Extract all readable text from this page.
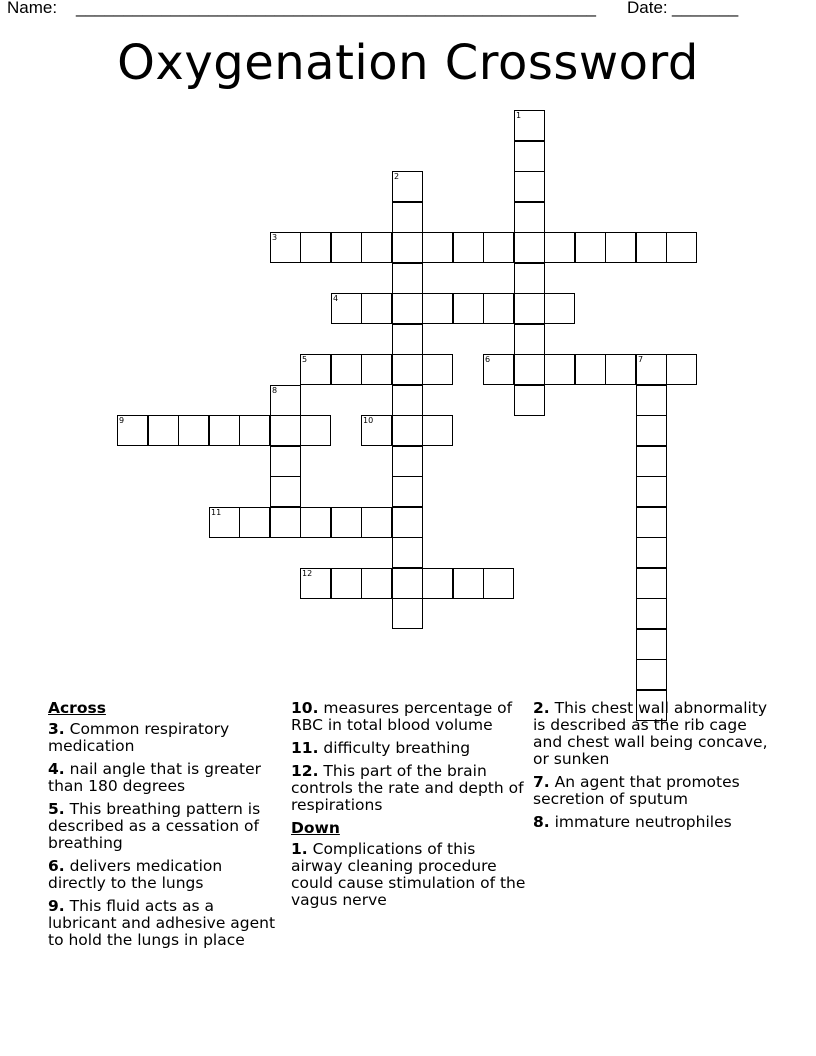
Name: _______________________________________________________ Date: _______
Oxygenation Crossword
1
2
3
4
5	6	7
8
9	10
11
12
Across
3. Common respiratory medication
4. nail angle that is greater than 180 degrees
5. This breathing pattern is described as a cessation of breathing
6. delivers medication directly to the lungs
9. This fluid acts as a lubricant and adhesive agent to hold the lungs in place
10. measures percentage of RBC in total blood volume
11. difficulty breathing
12. This part of the brain controls the rate and depth of respirations
Down
1. Complications of this airway cleaning procedure could cause stimulation of the vagus nerve
2. This chest wall abnormality is described as the rib cage and chest wall being concave, or sunken
7. An agent that promotes secretion of sputum
8. immature neutrophiles
